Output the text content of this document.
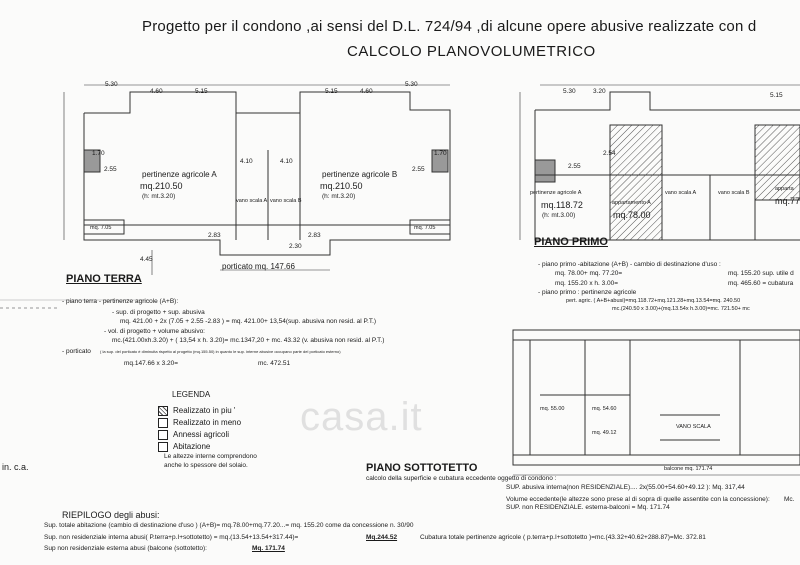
Progetto per il condono ,ai sensi del D.L. 724/94 ,di alcune opere abusive realizzate con d
CALCOLO PLANOVOLUMETRICO
5.30
4.60	5.15	5.15	4.60
5.30
4.10	4.10
1.70	1.70
2.55	2.55
2.83	2.83
4.45
2.30
pertinenze agricole A
mq.210.50
(h: mt.3.20)
pertinenze agricole B
mq.210.50
(h: mt.3.20)
vano scala A vano scala B
mq. 7.05	mq. 7.05
porticato mq. 147.66
PIANO TERRA
5.30	3.20
2.55
2.54
5.15
pertinenze agricole A
mq.118.72
(h: mt.3.00)
appartamento A
mq.78.00
vano scala A	vano scala B
apparta
mq.77
PIANO PRIMO
- piano primo -abitazione (A+B) - cambio di destinazione d'uso :
mq. 78.00+ mq. 77.20=	mq. 155.20 sup. utile d
mq. 155.20 x h. 3.00=	mq. 465.60 = cubatura
- piano primo : pertinenze agricole
pert. agric. ( A+B+abusi)=mq.118.72+mq.121.28+mq.13.54=mq. 240.50
mc.(240.50 x 3.00)+(mq.13.54x h.3.00)=mc. 721.50+ mc
- piano terra - pertinenze agricole (A+B):
- sup. di progetto + sup. abusiva
mq. 421.00 + 2x (7.05 + 2.55 -2.83 ) = mq. 421.00+ 13,54(sup. abusiva non resid. al P.T.)
- vol. di progetto + volume abusivo:
mc.(421.00xh.3.20) + ( 13,54 x h. 3.20)= mc.1347,20 + mc. 43.32 (v. abusiva non resid. al P.T.)
- porticato ( la sup. del porticato è diminuita rispetto al progetto (mq.155.50) in quanto le sup. interne abusive occupano parte del porticato esterno)
mq.147.66 x 3.20=	mc. 472.51
LEGENDA
Realizzato in piu '
Realizzato in meno
Annessi agricoli
Abitazione
Le altezze interne comprendono
anche lo spessore del solaio.
in. c.a.
casa.it	mq. 55.00	mq. 54.60
mq. 49.12
VANO SCALA
balcone mq. 171.74
PIANO SOTTOTETTO
calcolo della superficie e cubatura eccedente oggetto di condono :
SUP. abusiva interna(non RESIDENZIALE).... 2x(55.00+54.60+49.12 ): Mq. 317,44
Volume eccedente(le altezze sono prese al di sopra di quelle assentite con la concessione): Mc.
SUP. non RESIDENZIALE. esterna-balconi = Mq. 171.74
RIEPILOGO degli abusi:
Sup. totale abitazione (cambio di destinazione d'uso ) (A+B)= mq.78.00+mq.77.20...= mq. 155.20 come da concessione n. 30/90
Sup. non residenziale interna abusi( P.terra+p.I+sottotetto) = mq.(13.54+13.54+317.44)=	Mq.244.52	Cubatura totale pertinenze agricole ( p.terra+p.I+sottotetto )=mc.(43.32+40.62+288.87)=Mc. 372.81
Sup non residenziale esterna abusi (balcone (sottotetto):	Mq. 171.74
